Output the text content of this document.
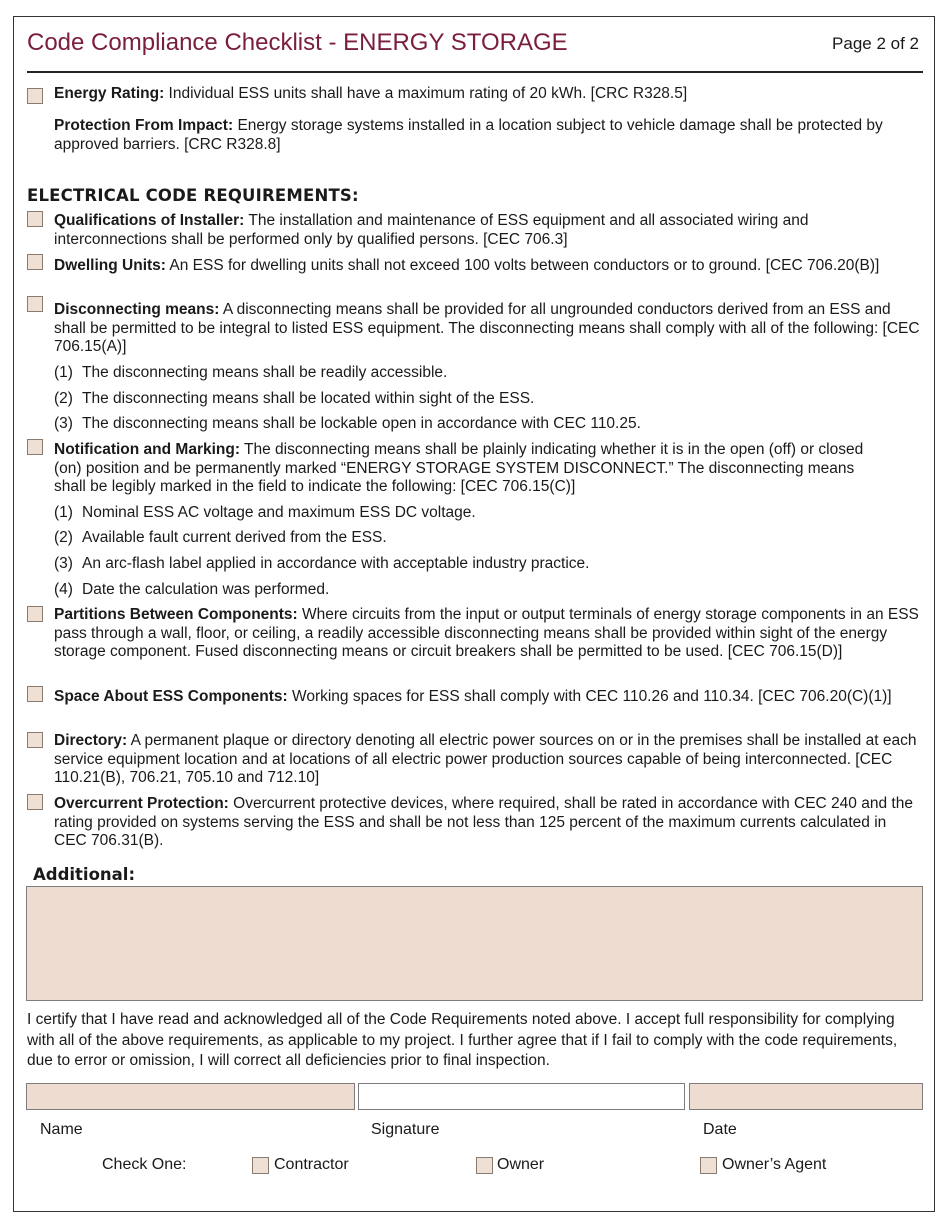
Code Compliance Checklist - ENERGY STORAGE	Page 2 of 2
Energy Rating: Individual ESS units shall have a maximum rating of 20 kWh. [CRC R328.5]
Protection From Impact: Energy storage systems installed in a location subject to vehicle damage shall be protected by approved barriers. [CRC R328.8]
ELECTRICAL CODE REQUIREMENTS:
Qualifications of Installer: The installation and maintenance of ESS equipment and all associated wiring and interconnections shall be performed only by qualified persons. [CEC 706.3]
Dwelling Units: An ESS for dwelling units shall not exceed 100 volts between conductors or to ground. [CEC 706.20(B)]
Disconnecting means: A disconnecting means shall be provided for all ungrounded conductors derived from an ESS and shall be permitted to be integral to listed ESS equipment. The disconnecting means shall comply with all of the following: [CEC 706.15(A)]
(1) The disconnecting means shall be readily accessible.
(2) The disconnecting means shall be located within sight of the ESS.
(3) The disconnecting means shall be lockable open in accordance with CEC 110.25.
Notification and Marking: The disconnecting means shall be plainly indicating whether it is in the open (off) or closed (on) position and be permanently marked “ENERGY STORAGE SYSTEM DISCONNECT.” The disconnecting means shall be legibly marked in the field to indicate the following: [CEC 706.15(C)]
(1) Nominal ESS AC voltage and maximum ESS DC voltage.
(2) Available fault current derived from the ESS.
(3) An arc-flash label applied in accordance with acceptable industry practice.
(4) Date the calculation was performed.
Partitions Between Components: Where circuits from the input or output terminals of energy storage components in an ESS pass through a wall, floor, or ceiling, a readily accessible disconnecting means shall be provided within sight of the energy storage component. Fused disconnecting means or circuit breakers shall be permitted to be used. [CEC 706.15(D)]
Space About ESS Components: Working spaces for ESS shall comply with CEC 110.26 and 110.34. [CEC 706.20(C)(1)]
Directory: A permanent plaque or directory denoting all electric power sources on or in the premises shall be installed at each service equipment location and at locations of all electric power production sources capable of being interconnected. [CEC 110.21(B), 706.21, 705.10 and 712.10]
Overcurrent Protection: Overcurrent protective devices, where required, shall be rated in accordance with CEC 240 and the rating provided on systems serving the ESS and shall be not less than 125 percent of the maximum currents calculated in CEC 706.31(B).
Additional:
I certify that I have read and acknowledged all of the Code Requirements noted above. I accept full responsibility for complying with all of the above requirements, as applicable to my project. I further agree that if I fail to comply with the code requirements, due to error or omission, I will correct all deficiencies prior to final inspection.
Name	Signature	Date
Check One:	Contractor	Owner	Owner’s Agent
